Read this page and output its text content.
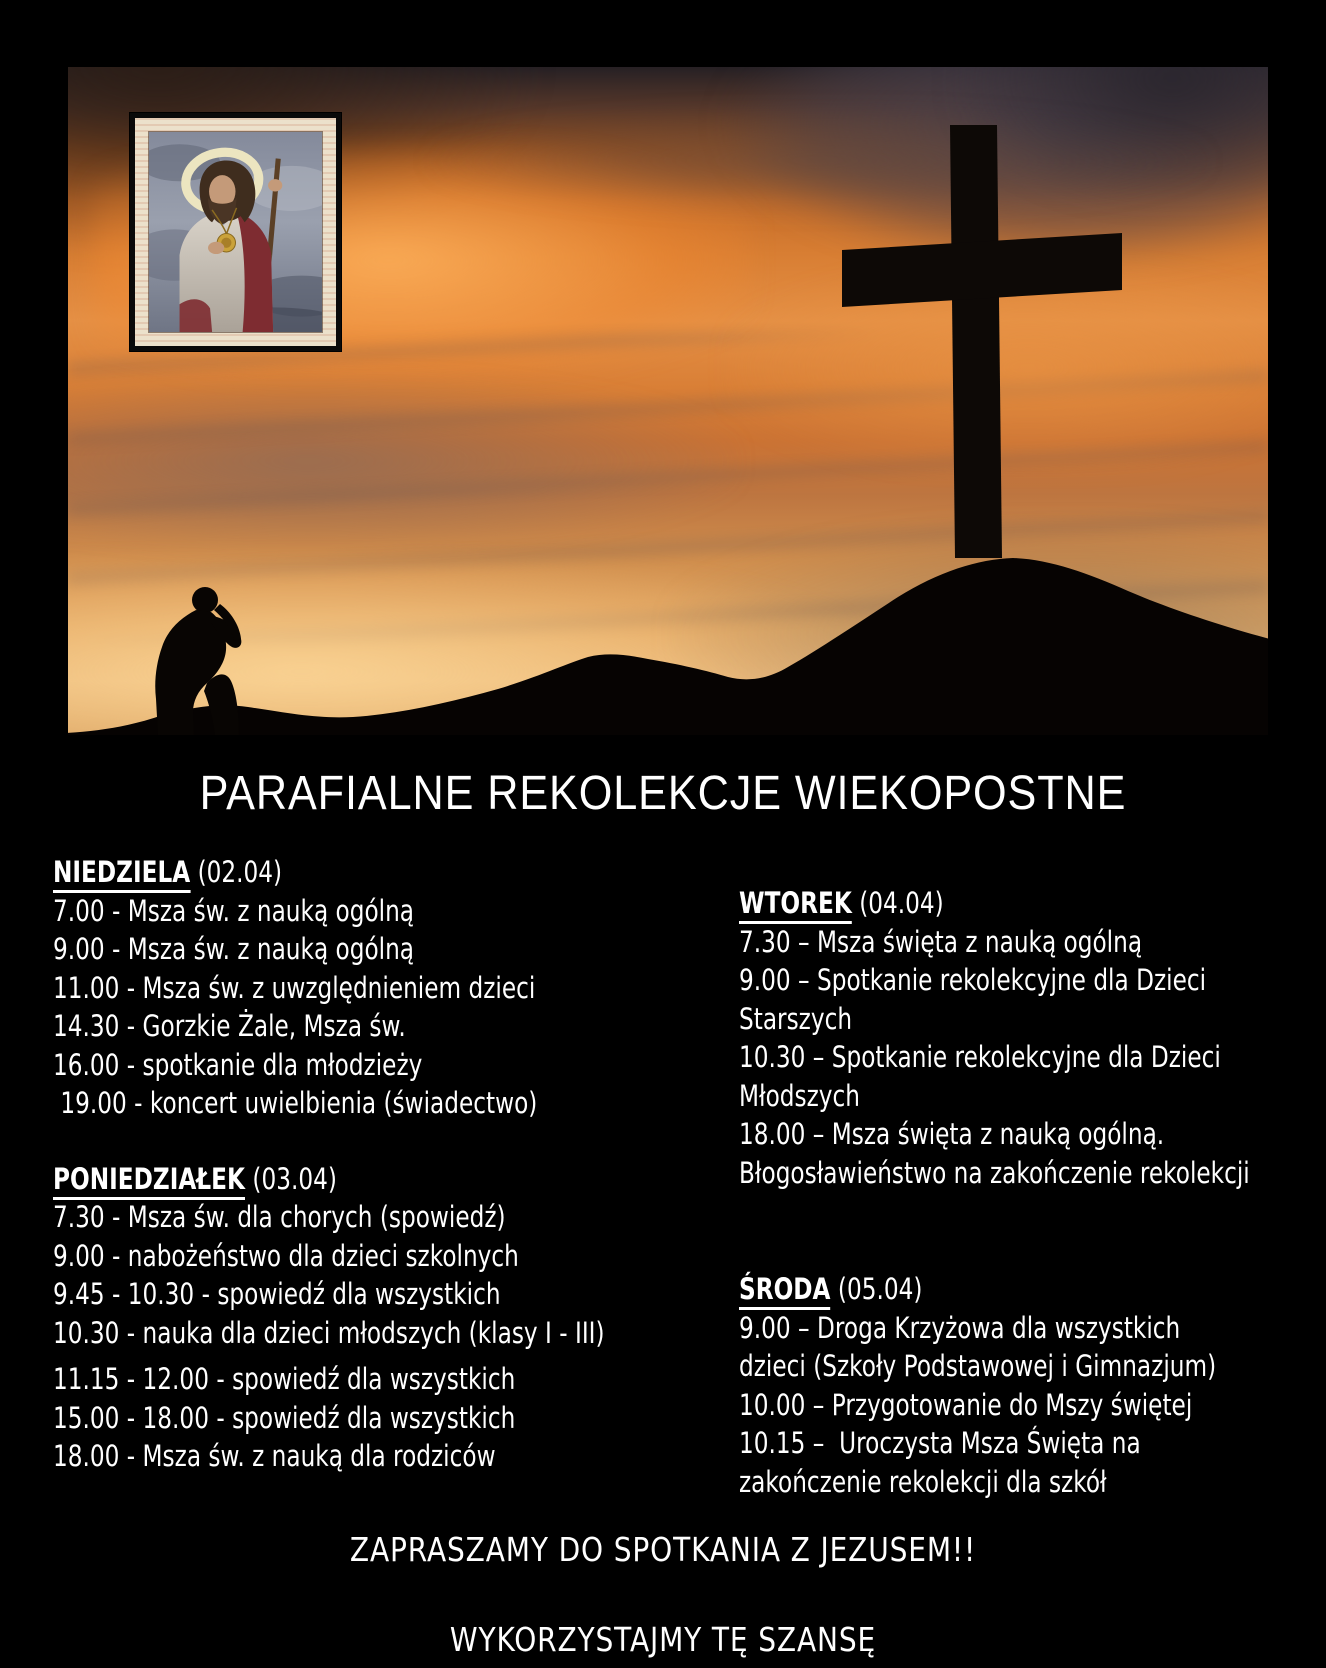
PARAFIALNE REKOLEKCJE WIEKOPOSTNE
NIEDZIELA (02.04)
7.00 - Msza św. z nauką ogólną
9.00 - Msza św. z nauką ogólną
11.00 - Msza św. z uwzględnieniem dzieci
14.30 - Gorzkie Żale, Msza św.
16.00 - spotkanie dla młodzieży
19.00 - koncert uwielbienia (świadectwo)
PONIEDZIAŁEK (03.04)
7.30 - Msza św. dla chorych (spowiedź)
9.00 - nabożeństwo dla dzieci szkolnych
9.45 - 10.30 - spowiedź dla wszystkich
10.30 - nauka dla dzieci młodszych (klasy I - III)
11.15 - 12.00 - spowiedź dla wszystkich
15.00 - 18.00 - spowiedź dla wszystkich
18.00 - Msza św. z nauką dla rodziców
WTOREK (04.04)
7.30 – Msza święta z nauką ogólną
9.00 – Spotkanie rekolekcyjne dla Dzieci
Starszych
10.30 – Spotkanie rekolekcyjne dla Dzieci
Młodszych
18.00 – Msza święta z nauką ogólną.
Błogosławieństwo na zakończenie rekolekcji
ŚRODA (05.04)
9.00 – Droga Krzyżowa dla wszystkich
dzieci (Szkoły Podstawowej i Gimnazjum)
10.00 – Przygotowanie do Mszy świętej
10.15 –  Uroczysta Msza Święta na
zakończenie rekolekcji dla szkół
ZAPRASZAMY DO SPOTKANIA Z JEZUSEM!!
WYKORZYSTAJMY TĘ SZANSĘ
